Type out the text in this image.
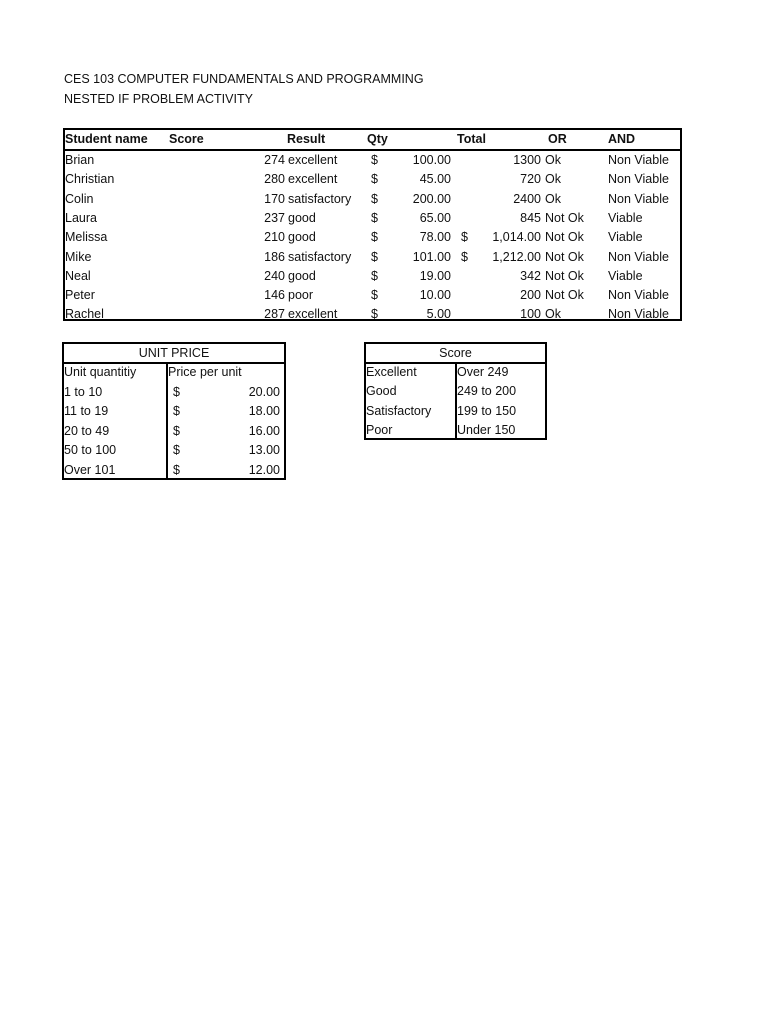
CES 103 COMPUTER FUNDAMENTALS AND PROGRAMMING
NESTED IF PROBLEM ACTIVITY
Student name Score	Result	Qty	Total	OR	AND
Brian	274 excellent	$	100.00	1300 Ok	Non Viable
Christian	280 excellent	$	45.00	720 Ok	Non Viable
Colin	170 satisfactory $	200.00	2400 Ok	Non Viable
Laura	237 good	$	65.00	845 Not Ok Viable
Melissa	210 good	$	78.00 $	1,014.00 Not Ok Viable
Mike	186 satisfactory $	101.00 $	1,212.00 Not Ok Non Viable
Neal	240 good	$	19.00	342 Not Ok Viable
Peter	146 poor	$	10.00	200 Not Ok Non Viable
Rachel	287 excellent	$	5.00	100 Ok	Non Viable
UNIT PRICE
Unit quantitiy	Price per unit
1 to 10	$	20.00
11 to 19	$	18.00
20 to 49	$	16.00
50 to 100	$	13.00
Over 101	$	12.00
Score
Excellent	Over 249
Good	249 to 200
Satisfactory 199 to 150
Poor	Under 150
